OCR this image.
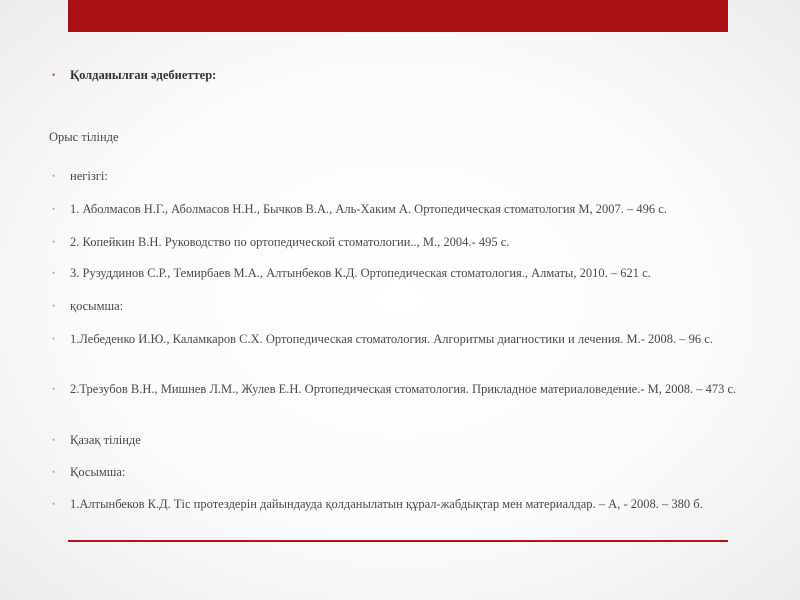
• Қолданылған әдебиеттер:
Орыс тілінде
• негізгі:
• 1. Аболмасов Н.Г., Аболмасов Н.Н., Бычков В.А., Аль-Хаким А. Ортопедическая стоматология М, 2007. – 496 с.
• 2. Копейкин В.Н. Руководство по ортопедической стоматологии.., М., 2004.- 495 с.
• 3. Рузуддинов С.Р., Темирбаев М.А., Алтынбеков К.Д. Ортопедическая стоматология., Алматы, 2010. – 621 с.
• қосымша:
• 1.Лебеденко И.Ю., Каламкаров С.Х. Ортопедическая стоматология. Алгоритмы диагностики и лечения. М.- 2008. – 96 с.
• 2.Трезубов В.Н., Мишнев Л.М., Жулев Е.Н. Ортопедическая стоматология. Прикладное материаловедение.- М, 2008. – 473 с.
• Қазақ тілінде
• Қосымша:
• 1.Алтынбеков К.Д. Тіс протездерін дайындауда қолданылатын құрал-жабдықтар мен материалдар. – А, - 2008. – 380 б.
